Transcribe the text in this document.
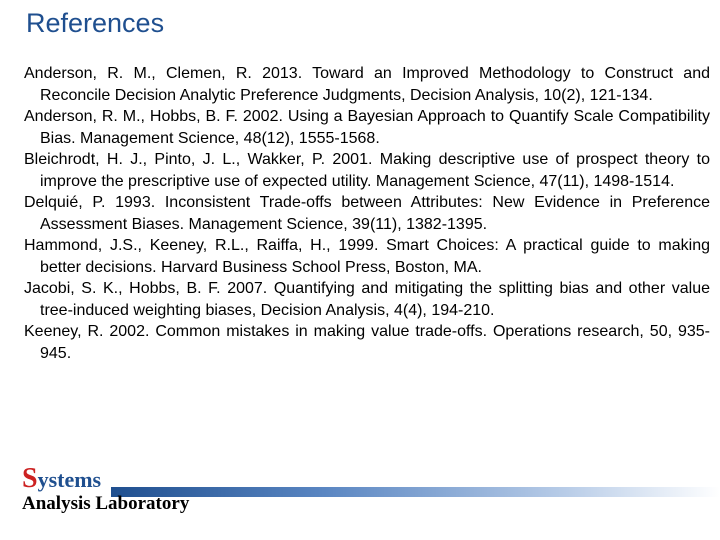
References
Anderson, R. M., Clemen, R. 2013. Toward an Improved Methodology to Construct and Reconcile Decision Analytic Preference Judgments, Decision Analysis, 10(2), 121-134.
Anderson, R. M., Hobbs, B. F. 2002. Using a Bayesian Approach to Quantify Scale Compatibility Bias. Management Science, 48(12), 1555-1568.
Bleichrodt, H. J., Pinto, J. L., Wakker, P. 2001. Making descriptive use of prospect theory to improve the prescriptive use of expected utility. Management Science, 47(11), 1498-1514.
Delquié, P. 1993. Inconsistent Trade-offs between Attributes: New Evidence in Preference Assessment Biases. Management Science, 39(11), 1382-1395.
Hammond, J.S., Keeney, R.L., Raiffa, H., 1999. Smart Choices: A practical guide to making better decisions. Harvard Business School Press, Boston, MA.
Jacobi, S. K., Hobbs, B. F. 2007. Quantifying and mitigating the splitting bias and other value tree-induced weighting biases, Decision Analysis, 4(4), 194-210.
Keeney, R. 2002. Common mistakes in making value trade-offs. Operations research, 50, 935-945.
Systems
Analysis Laboratory
